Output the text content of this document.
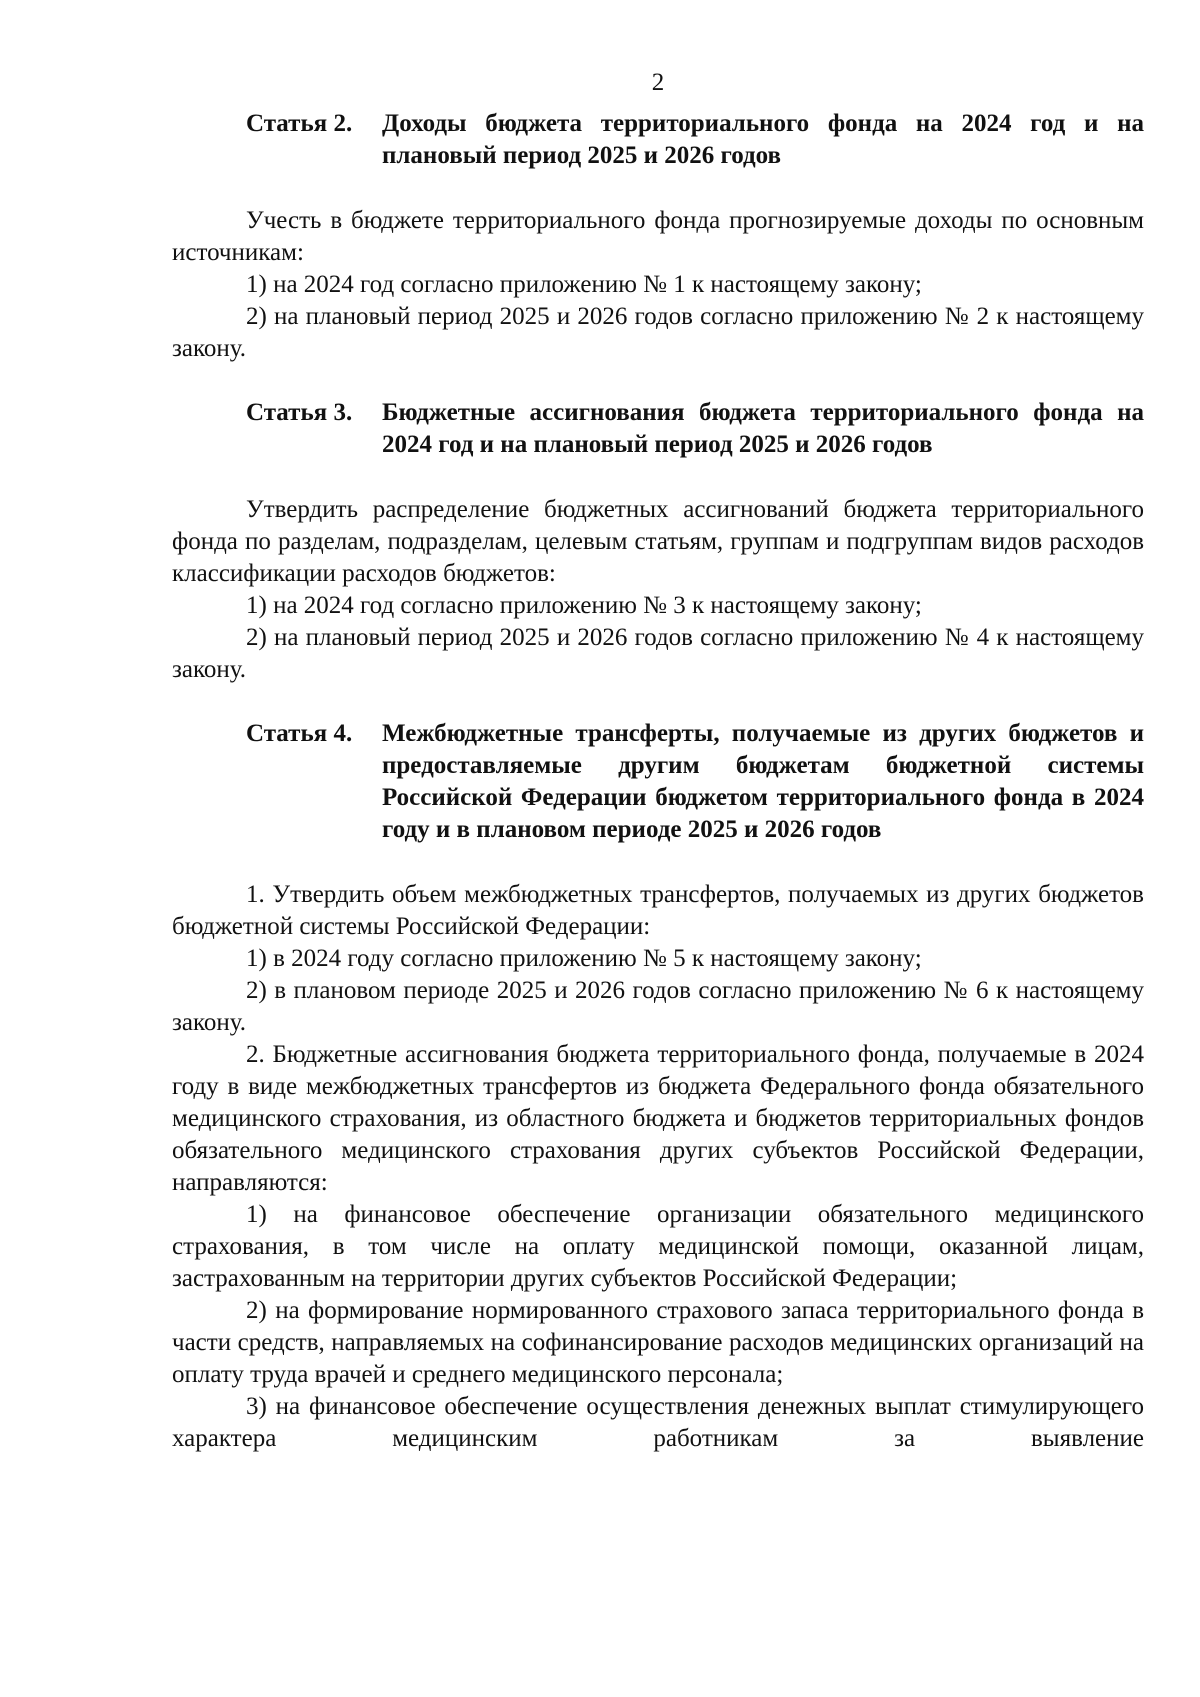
2
Статья 2.	Доходы бюджета территориального фонда на 2024 год и на плановый период 2025 и 2026 годов

Учесть в бюджете территориального фонда прогнозируемые доходы по основным источникам:

1) на 2024 год согласно приложению № 1 к настоящему закону;

2) на плановый период 2025 и 2026 годов согласно приложению № 2 к настоящему закону.

Статья 3.	Бюджетные ассигнования бюджета территориального фонда на 2024 год и на плановый период 2025 и 2026 годов

Утвердить распределение бюджетных ассигнований бюджета территориального фонда по разделам, подразделам, целевым статьям, группам и подгруппам видов расходов классификации расходов бюджетов:

1) на 2024 год согласно приложению № 3 к настоящему закону;

2) на плановый период 2025 и 2026 годов согласно приложению № 4 к настоящему закону.

Статья 4.	Межбюджетные трансферты, получаемые из других бюджетов и предоставляемые другим бюджетам бюджетной системы Российской Федерации бюджетом территориального фонда в 2024 году и в плановом периоде 2025 и 2026 годов

1. Утвердить объем межбюджетных трансфертов, получаемых из других бюджетов бюджетной системы Российской Федерации:

1) в 2024 году согласно приложению № 5 к настоящему закону;

2) в плановом периоде 2025 и 2026 годов согласно приложению № 6 к настоящему закону.

2. Бюджетные ассигнования бюджета территориального фонда, получаемые в 2024 году в виде межбюджетных трансфертов из бюджета Федерального фонда обязательного медицинского страхования, из областного бюджета и бюджетов территориальных фондов обязательного медицинского страхования других субъектов Российской Федерации, направляются:

1) на финансовое обеспечение организации обязательного медицинского страхования, в том числе на оплату медицинской помощи, оказанной лицам, застрахованным на территории других субъектов Российской Федерации;

2) на формирование нормированного страхового запаса территориального фонда в части средств, направляемых на софинансирование расходов медицинских организаций на оплату труда врачей и среднего медицинского персонала;

3) на финансовое обеспечение осуществления денежных выплат стимулирующего характера медицинским работникам за выявление
